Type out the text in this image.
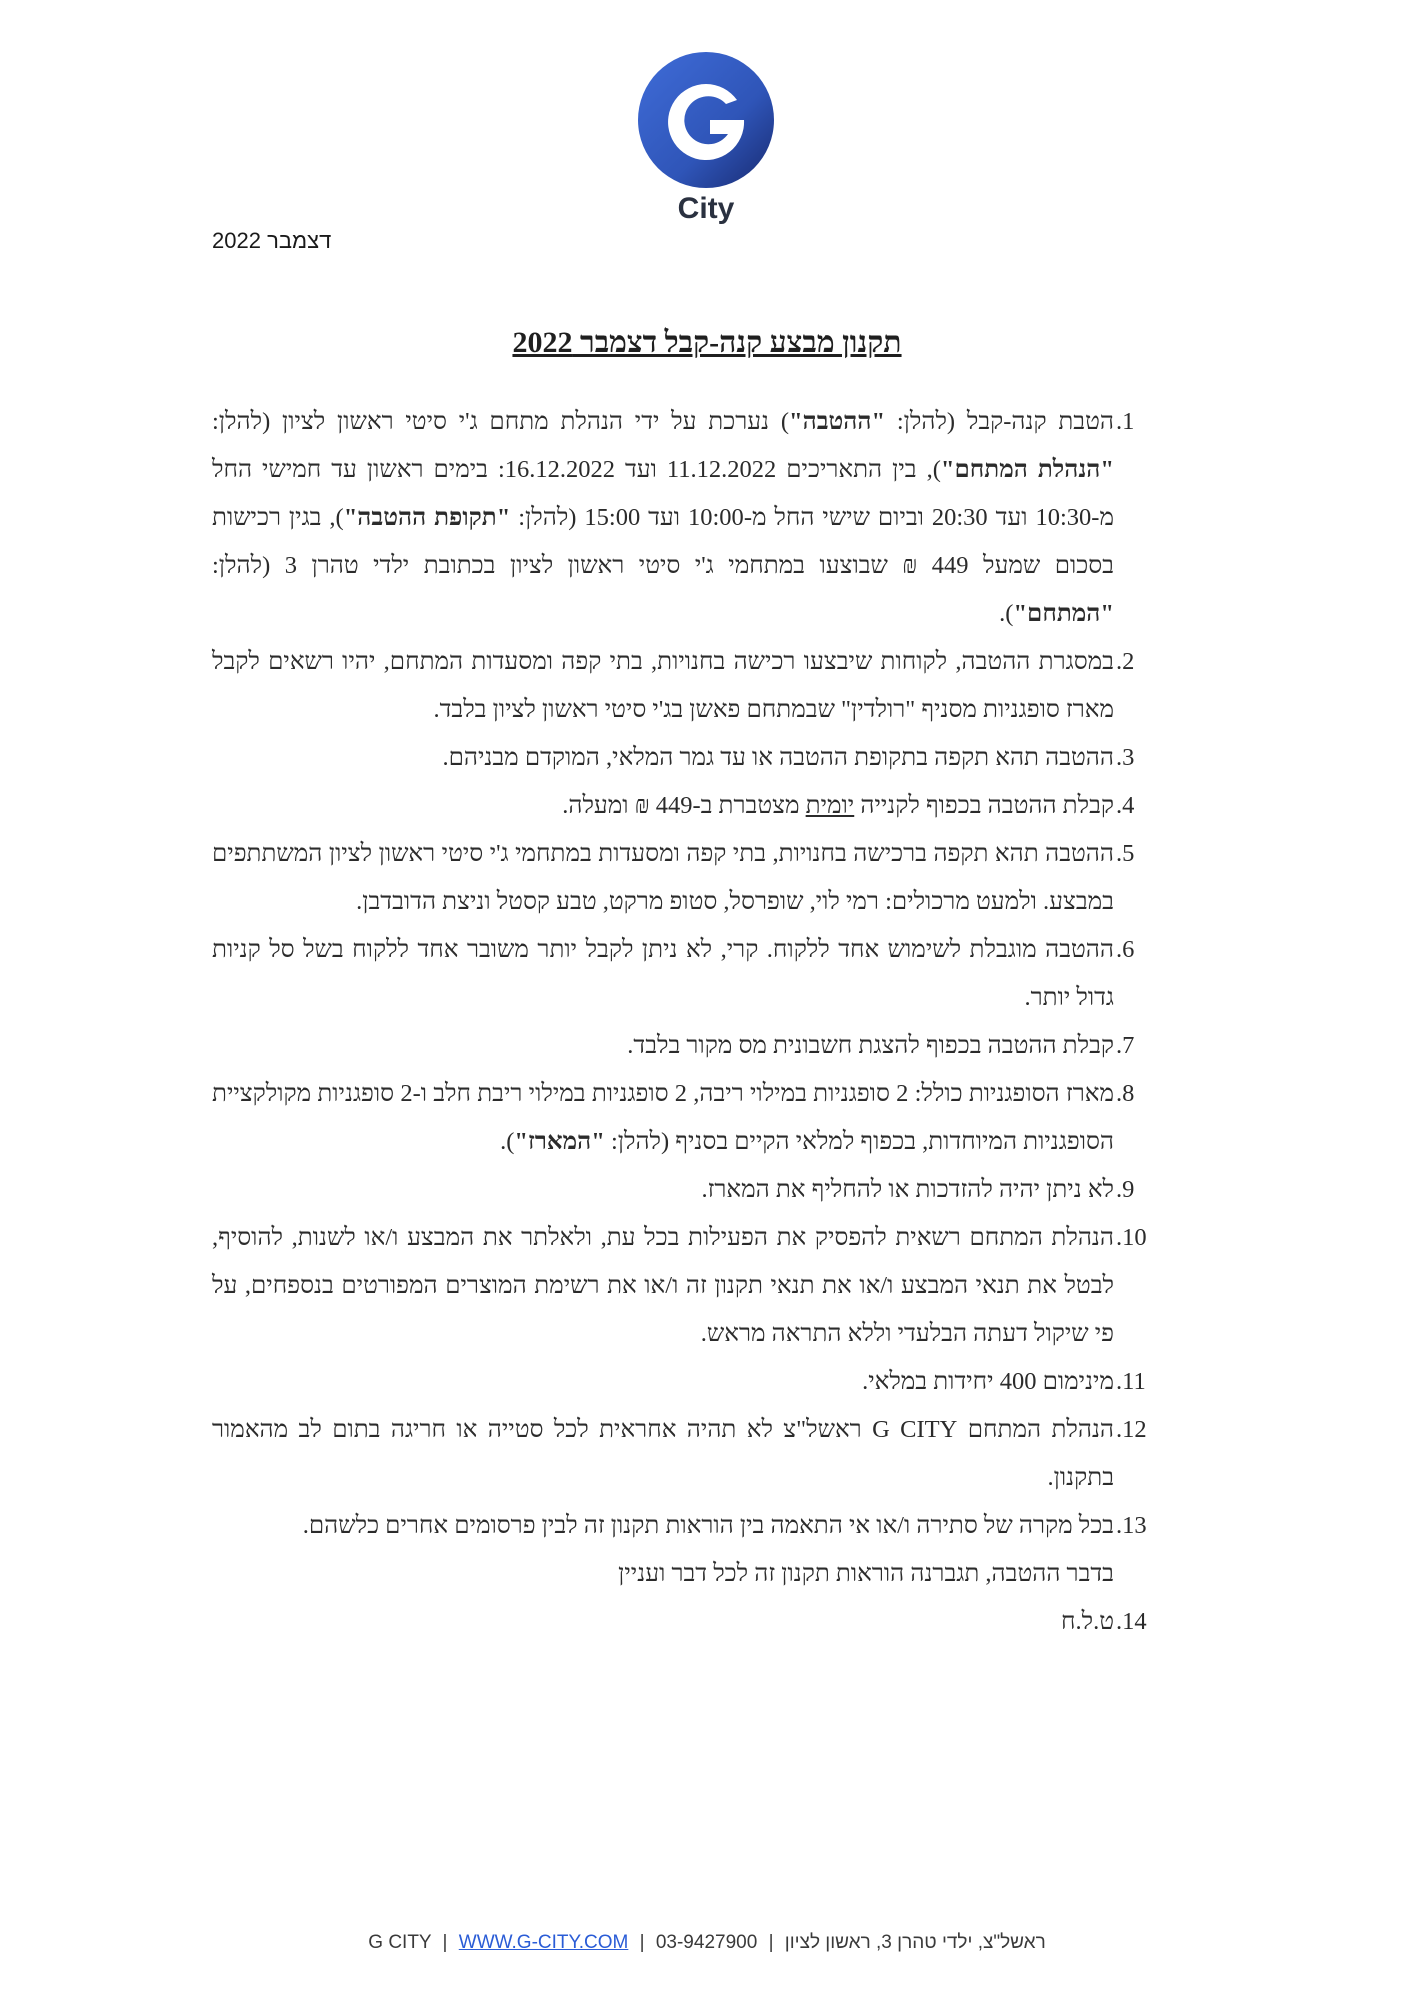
City
דצמבר 2022
תקנון מבצע קנה-קבל דצמבר 2022
1.
הטבת קנה-קבל (להלן: "ההטבה") נערכת על ידי הנהלת מתחם ג'י סיטי ראשון לציון (להלן: "הנהלת המתחם"), בין התאריכים 11.12.2022 ועד 16.12.2022: בימים ראשון עד חמישי החל מ-10:30 ועד 20:30 וביום שישי החל מ-10:00 ועד 15:00 (להלן: "תקופת ההטבה"), בגין רכישות בסכום שמעל 449 ₪ שבוצעו במתחמי ג'י סיטי ראשון לציון בכתובת ילדי טהרן 3 (להלן: "המתחם").
2.
במסגרת ההטבה, לקוחות שיבצעו רכישה בחנויות, בתי קפה ומסעדות המתחם, יהיו רשאים לקבל מארז סופגניות מסניף "רולדין" שבמתחם פאשן בג'י סיטי ראשון לציון בלבד.
3.
ההטבה תהא תקפה בתקופת ההטבה או עד גמר המלאי, המוקדם מבניהם.
4.
קבלת ההטבה בכפוף לקנייה יומית מצטברת ב-449 ₪ ומעלה.
5.
ההטבה תהא תקפה ברכישה בחנויות, בתי קפה ומסעדות במתחמי ג'י סיטי ראשון לציון המשתתפים במבצע. ולמעט מרכולים: רמי לוי, שופרסל, סטופ מרקט, טבע קסטל וניצת הדובדבן.
6.
ההטבה מוגבלת לשימוש אחד ללקוח. קרי, לא ניתן לקבל יותר משובר אחד ללקוח בשל סל קניות גדול יותר.
7.
קבלת ההטבה בכפוף להצגת חשבונית מס מקור בלבד.
8.
מארז הסופגניות כולל: 2 סופגניות במילוי ריבה, 2 סופגניות במילוי ריבת חלב ו-2 סופגניות מקולקציית הסופגניות המיוחדות, בכפוף למלאי הקיים בסניף (להלן: "המארז").
9.
לא ניתן יהיה להזדכות או להחליף את המארז.
10.
הנהלת המתחם רשאית להפסיק את הפעילות בכל עת, ולאלתר את המבצע ו/או לשנות, להוסיף, לבטל את תנאי המבצע ו/או את תנאי תקנון זה ו/או את רשימת המוצרים המפורטים בנספחים, על פי שיקול דעתה הבלעדי וללא התראה מראש.
11.
מינימום 400 יחידות במלאי.
12.
הנהלת המתחם G CITY ראשל"צ לא תהיה אחראית לכל סטייה או חריגה בתום לב מהאמור בתקנון.
13.
בכל מקרה של סתירה ו/או אי התאמה בין הוראות תקנון זה לבין פרסומים אחרים כלשהם.
בדבר ההטבה, תגברנה הוראות תקנון זה לכל דבר ועניין
14.
ט.ל.ח
ראשל"צ, ילדי טהרן 3, ראשון לציון | G CITY | WWW.G-CITY.COM | 03-9427900
